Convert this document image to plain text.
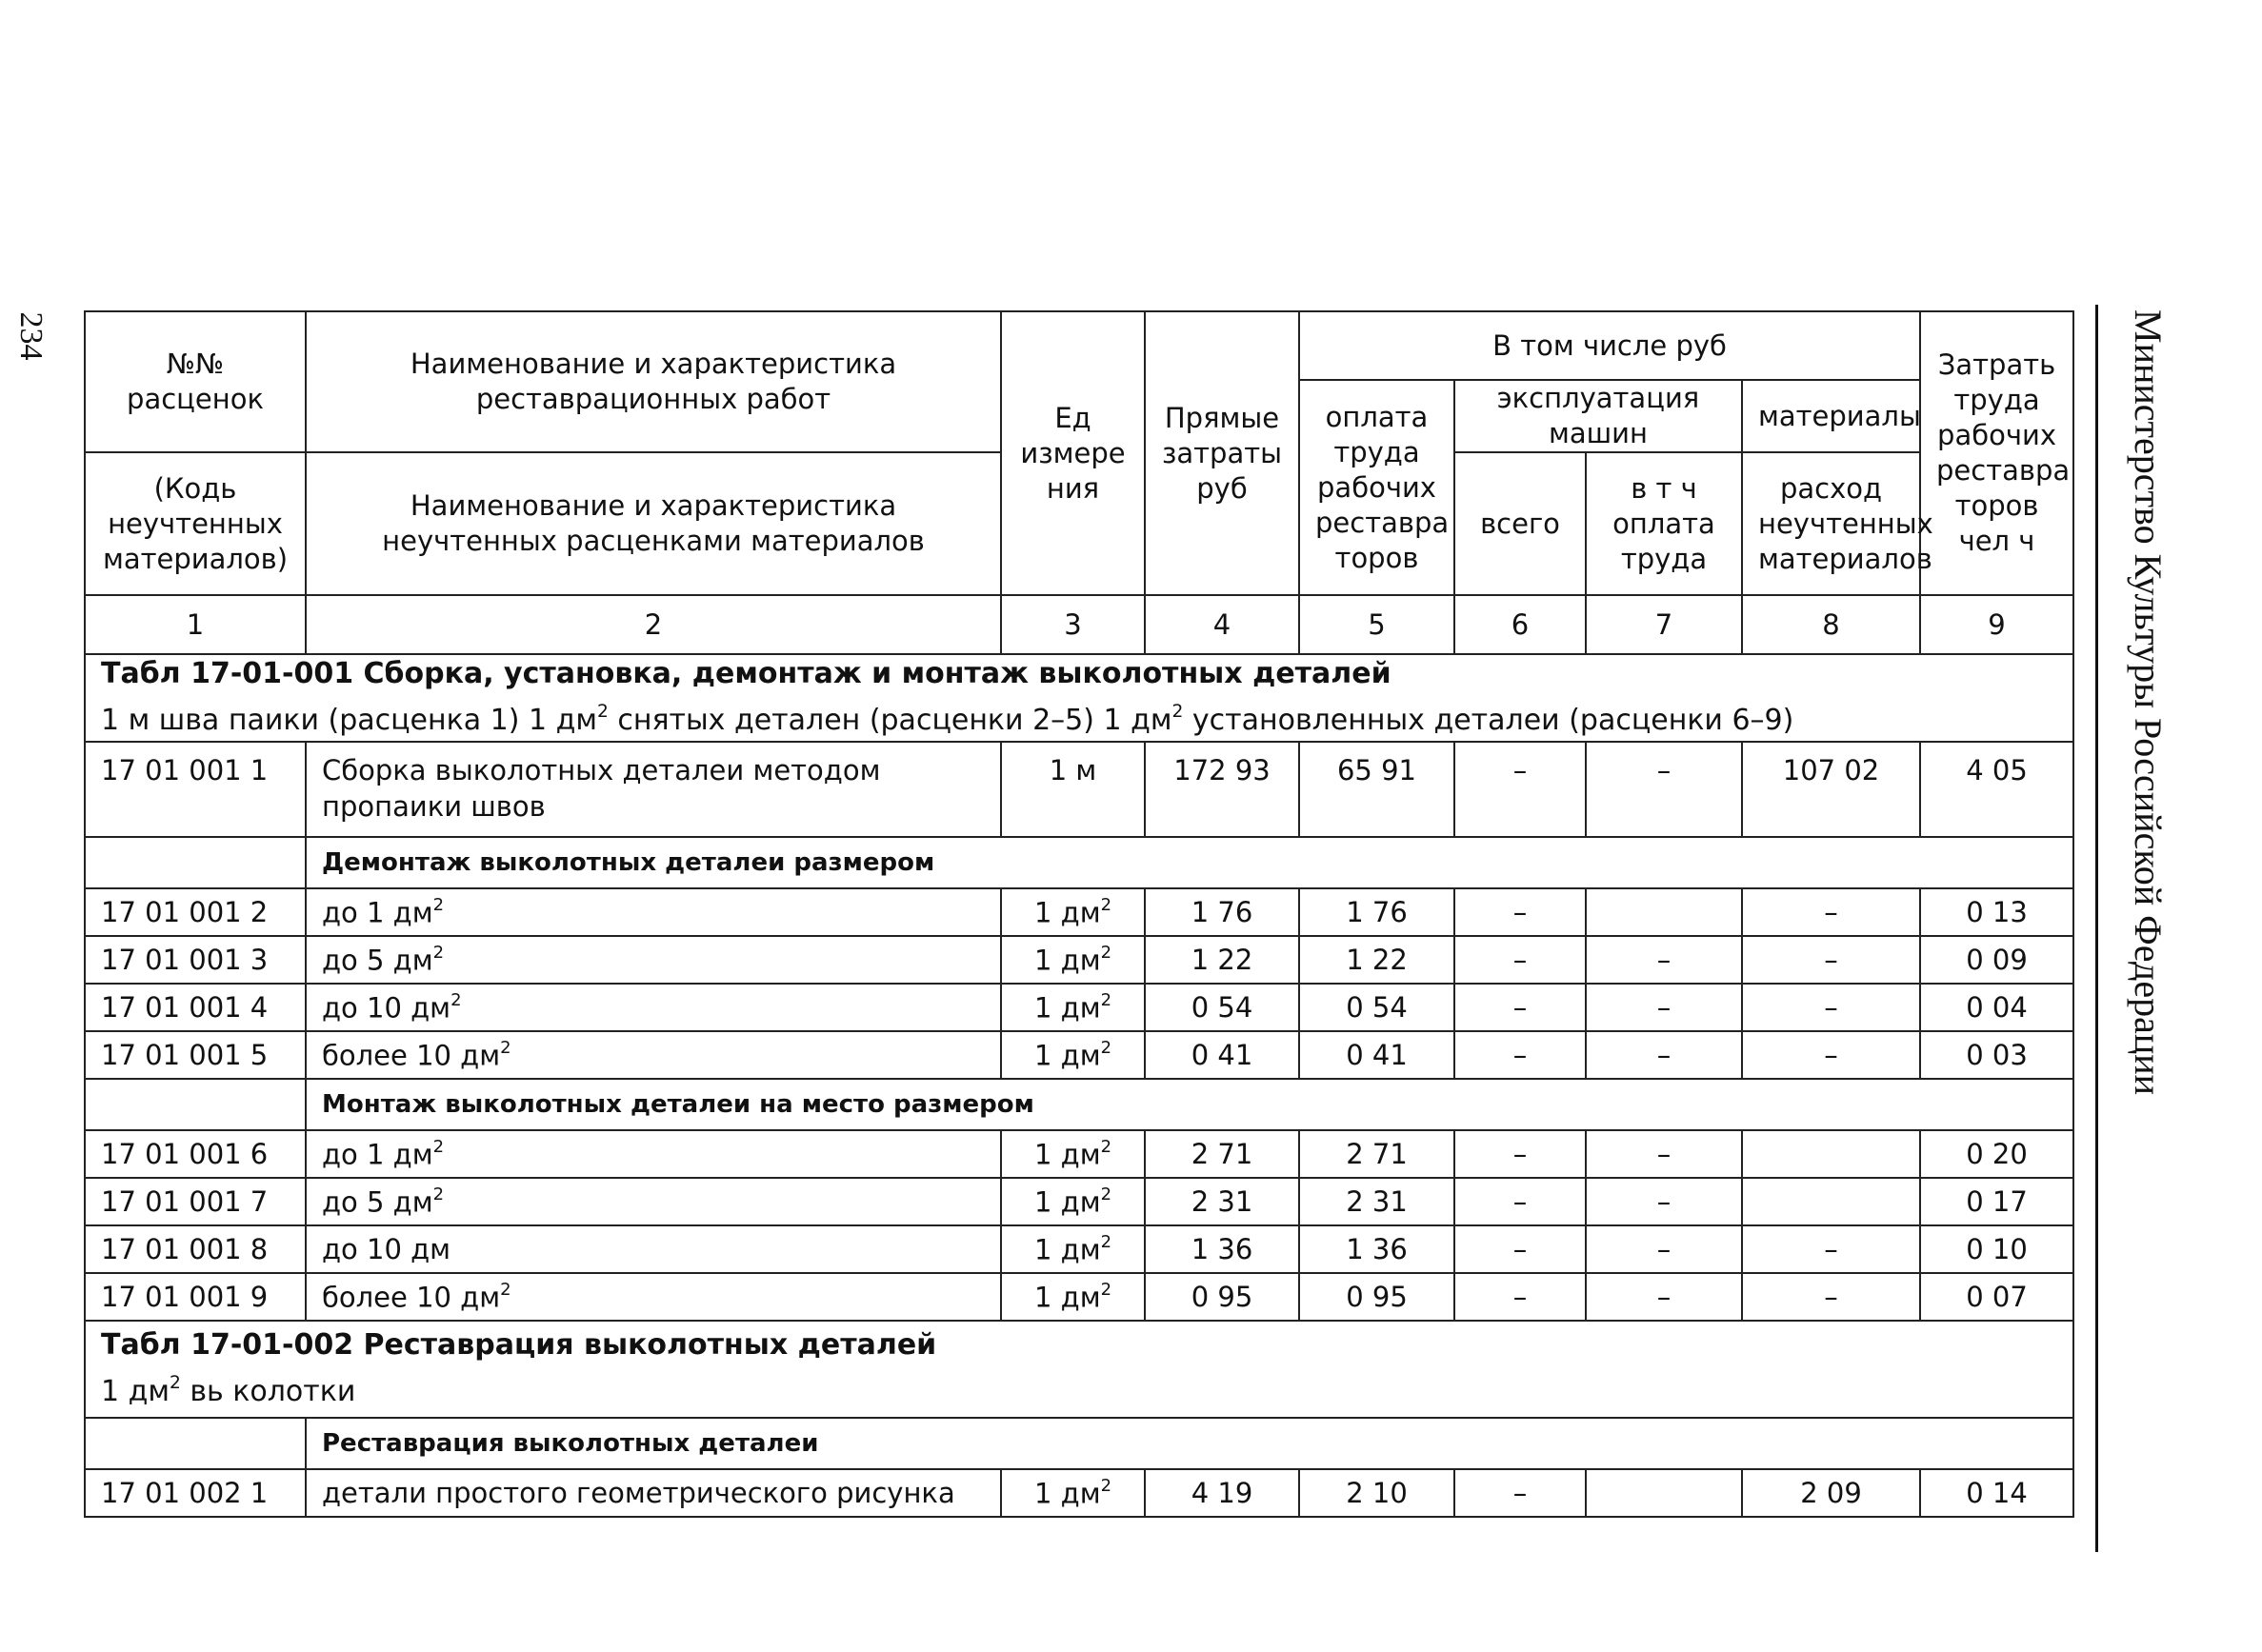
234	Министерство Культуры Российской Федерации
№№ расценок	Наименование и характеристика реставрационных работ	Ед измере ния	Прямые затраты руб	В том числе руб				Затрать труда рабочих реставра торов чел ч
				оплата труда рабочих реставра торов	эксплуатация машин		материалы	
(Кодь неучтенных материалов)	Наименование и характеристика неучтенных расценками материалов				всего	в т ч оплата труда	расход неучтенных материалов	

1	2	3	4	5	6	7	8	9

Табл 17-01-001 Сборка, установка, демонтаж и монтаж выколотных деталей
1 м шва паики (расценка 1) 1 $дм^2$ снятых детален (расценки 2–5) 1 $дм^2$ установленных деталеи (расценки 6–9)								

17 01 001 1	Сборка выколотных деталеи методом пропаики швов	1 м	172 93	65 91	–	–	107 02	4 05
	Демонтаж выколотных деталеи размером							
17 01 001 2	до 1 $дм^2$	1 $дм^2$	1 76	1 76	–		–	0 13
17 01 001 3	до 5 $дм^2$	1 $дм^2$	1 22	1 22	–	–	–	0 09
17 01 001 4	до 10 $дм^2$	1 $дм^2$	0 54	0 54	–	–	–	0 04
17 01 001 5	более 10 $дм^2$	1 $дм^2$	0 41	0 41	–	–	–	0 03
	Монтаж выколотных деталеи на место размером							
17 01 001 6	до 1 $дм^2$	1 $дм^2$	2 71	2 71	–	–		0 20
17 01 001 7	до 5 $дм^2$	1 $дм^2$	2 31	2 31	–	–		0 17
17 01 001 8	до 10 дм	1 $дм^2$	1 36	1 36	–	–	–	0 10
17 01 001 9	более 10 $дм^2$	1 $дм^2$	0 95	0 95	–	–	–	0 07

Табл 17-01-002 Реставрация выколотных деталей
1 $дм^2$ вь колотки								

	Реставрация выколотных деталеи							
17 01 002 1	детали простого геометрического рисунка	1 $дм^2$	4 19	2 10	–		2 09	0 14
